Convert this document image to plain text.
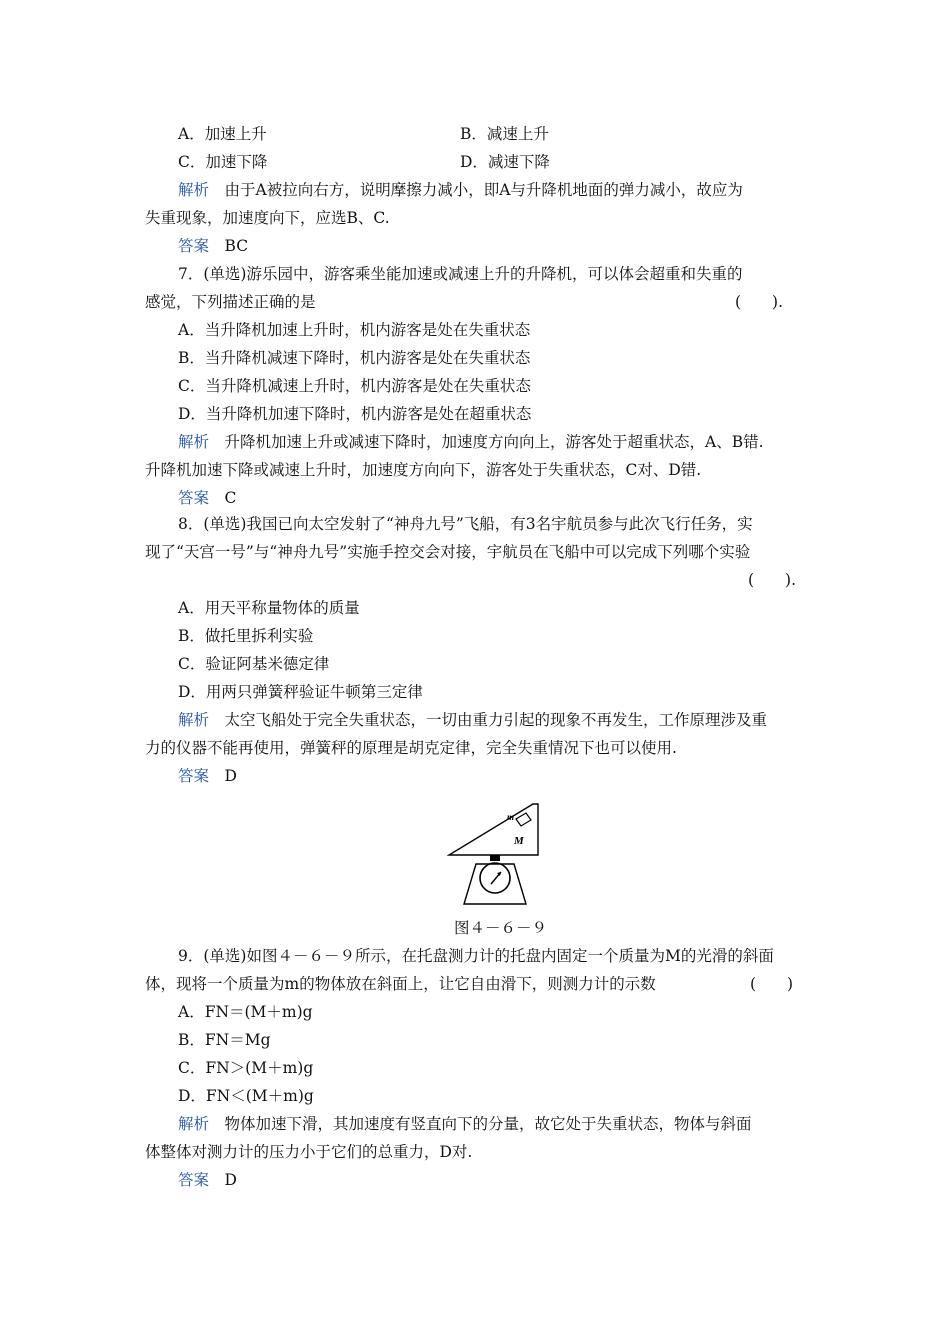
A．加速上升	B．减速上升
C．加速下降	D．减速下降
解析　 由于A被拉向右方，说明摩擦力减小，即A与升降机地面的弹力减小，故应为
失重现象，加速度向下，应选B、C.
答案　 BC
7．(单选)游乐园中，游客乘坐能加速或减速上升的升降机，可以体会超重和失重的
感觉，下列描述正确的是	(　　).
A．当升降机加速上升时，机内游客是处在失重状态
B．当升降机减速下降时，机内游客是处在失重状态
C．当升降机减速上升时，机内游客是处在失重状态
D．当升降机加速下降时，机内游客是处在超重状态
解析　 升降机加速上升或减速下降时，加速度方向向上，游客处于超重状态，A、B错.
升降机加速下降或减速上升时，加速度方向向下，游客处于失重状态，C对、D错.
答案　 C
8．(单选)我国已向太空发射了“神舟九号”飞船，有3名宇航员参与此次飞行任务，实
现了“天宫一号”与“神舟九号”实施手控交会对接，宇航员在飞船中可以完成下列哪个实验
(　　).
A．用天平称量物体的质量
B．做托里拆利实验
C．验证阿基米德定律
D．用两只弹簧秤验证牛顿第三定律
解析　 太空飞船处于完全失重状态，一切由重力引起的现象不再发生，工作原理涉及重
力的仪器不能再使用，弹簧秤的原理是胡克定律，完全失重情况下也可以使用.
答案　 D
m
M
图４－６－９
9．(单选)如图４－６－９所示，在托盘测力计的托盘内固定一个质量为M的光滑的斜面
体，现将一个质量为m的物体放在斜面上，让它自由滑下，则测力计的示数	(　　)
A．FN＝(M＋m)g
B．FN＝Mg
C．FN＞(M＋m)g
D．FN＜(M＋m)g
解析　 物体加速下滑，其加速度有竖直向下的分量，故它处于失重状态，物体与斜面
体整体对测力计的压力小于它们的总重力，D对.
答案　 D
